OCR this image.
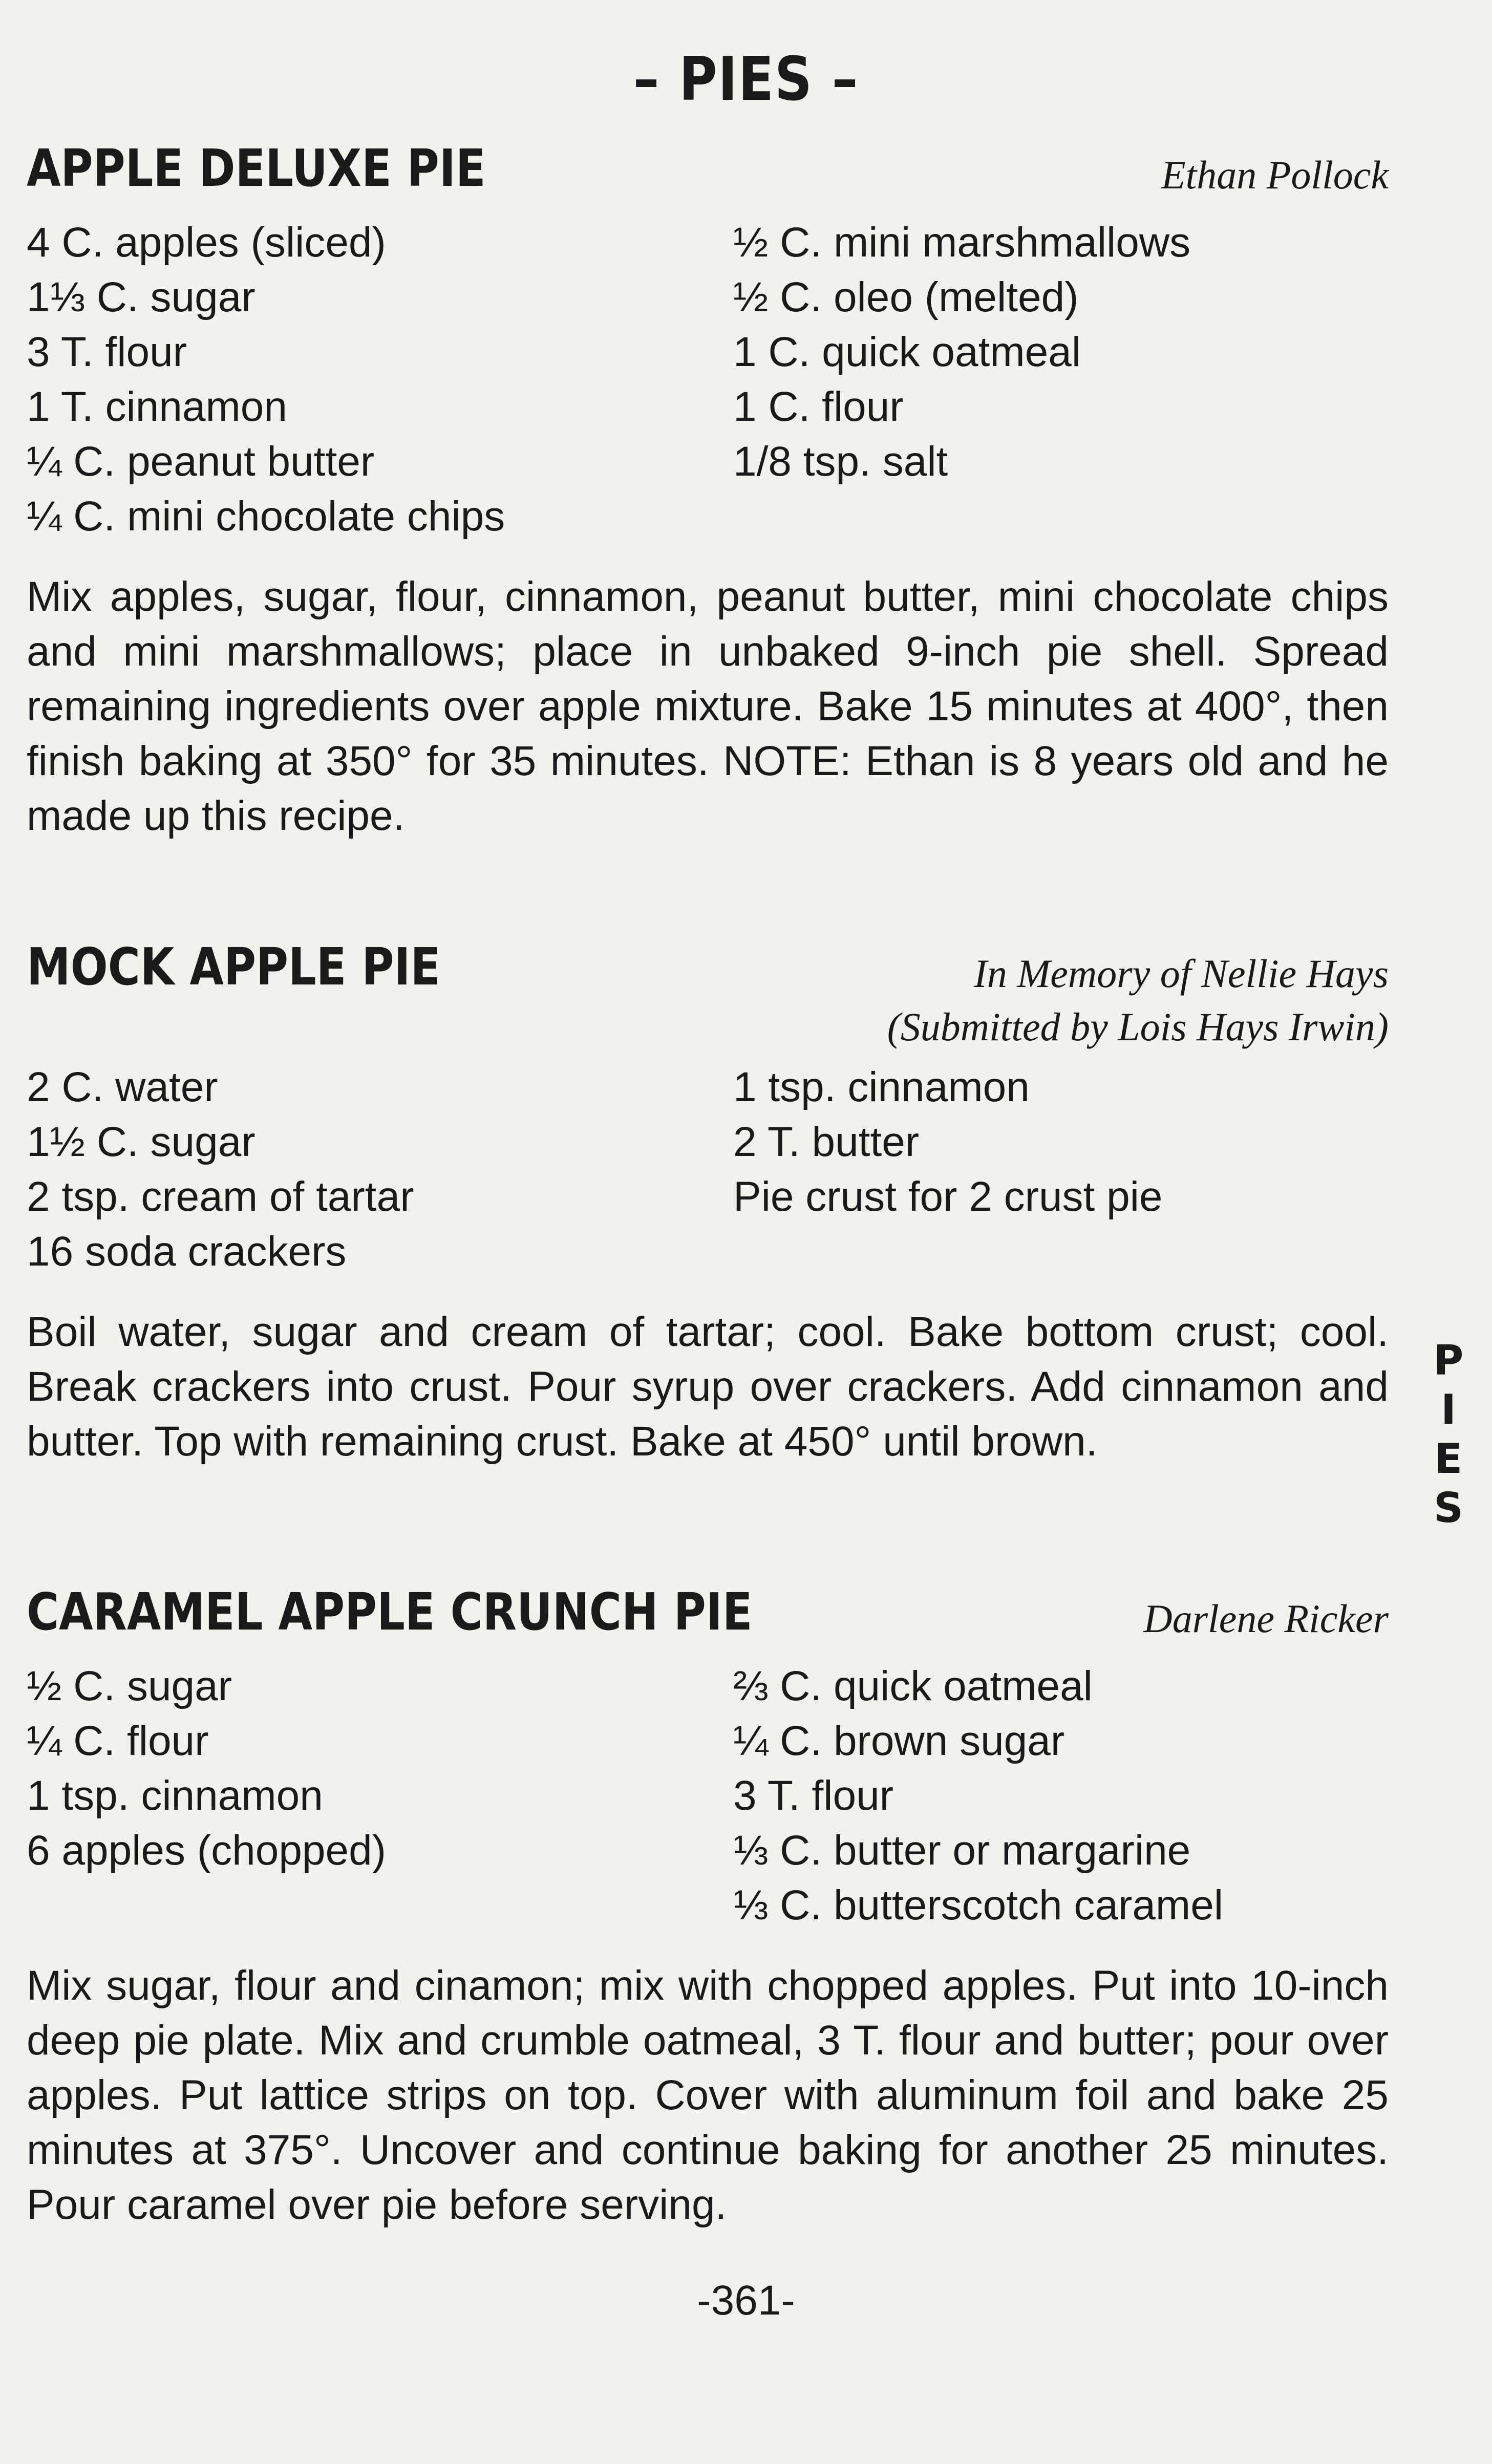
– PIES –
APPLE DELUXE PIE	Ethan Pollock
4 C. apples (sliced)
1⅓ C. sugar
3 T. flour
1 T. cinnamon
¼ C. peanut butter
¼ C. mini chocolate chips
½ C. mini marshmallows
½ C. oleo (melted)
1 C. quick oatmeal
1 C. flour
1/8 tsp. salt
Mix apples, sugar, flour, cinnamon, peanut butter, mini chocolate chips and mini marshmallows; place in unbaked 9-inch pie shell. Spread remaining ingredients over apple mixture. Bake 15 minutes at 400°, then finish baking at 350° for 35 minutes. NOTE: Ethan is 8 years old and he made up this recipe.
MOCK APPLE PIE	In Memory of Nellie Hays
(Submitted by Lois Hays Irwin)
2 C. water
1½ C. sugar
2 tsp. cream of tartar
16 soda crackers
1 tsp. cinnamon
2 T. butter
Pie crust for 2 crust pie
Boil water, sugar and cream of tartar; cool. Bake bottom crust; cool. Break crackers into crust. Pour syrup over crackers. Add cinnamon and butter. Top with remaining crust. Bake at 450° until brown.
CARAMEL APPLE CRUNCH PIE	Darlene Ricker
½ C. sugar
¼ C. flour
1 tsp. cinnamon
6 apples (chopped)
⅔ C. quick oatmeal
¼ C. brown sugar
3 T. flour
⅓ C. butter or margarine
⅓ C. butterscotch caramel
Mix sugar, flour and cinamon; mix with chopped apples. Put into 10-inch deep pie plate. Mix and crumble oatmeal, 3 T. flour and butter; pour over apples. Put lattice strips on top. Cover with aluminum foil and bake 25 minutes at 375°. Uncover and continue baking for another 25 minutes. Pour caramel over pie before serving.
P
I
E
S
-361-
